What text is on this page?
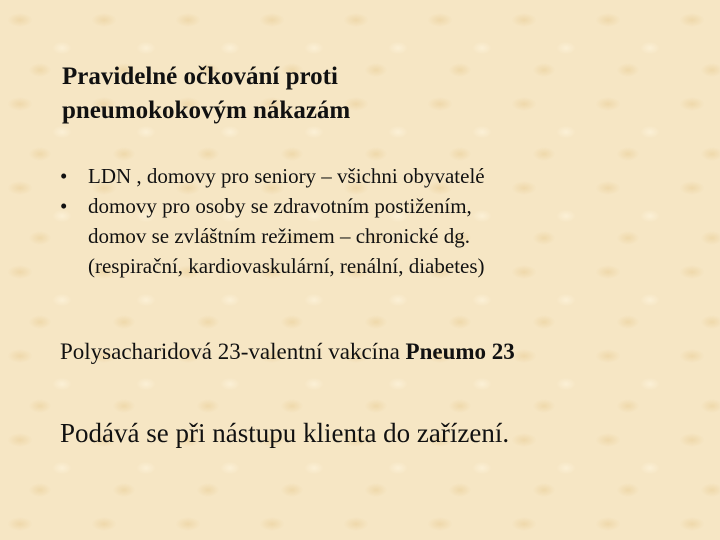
Pravidelné očkování proti
pneumokokovým nákazám
• LDN , domovy pro seniory – všichni obyvatelé
• domovy pro osoby se zdravotním postižením,
domov se zvláštním režimem – chronické dg.
(respirační, kardiovaskulární, renální, diabetes)

Polysacharidová 23-valentní vakcína Pneumo 23

Podává se při nástupu klienta do zařízení.
